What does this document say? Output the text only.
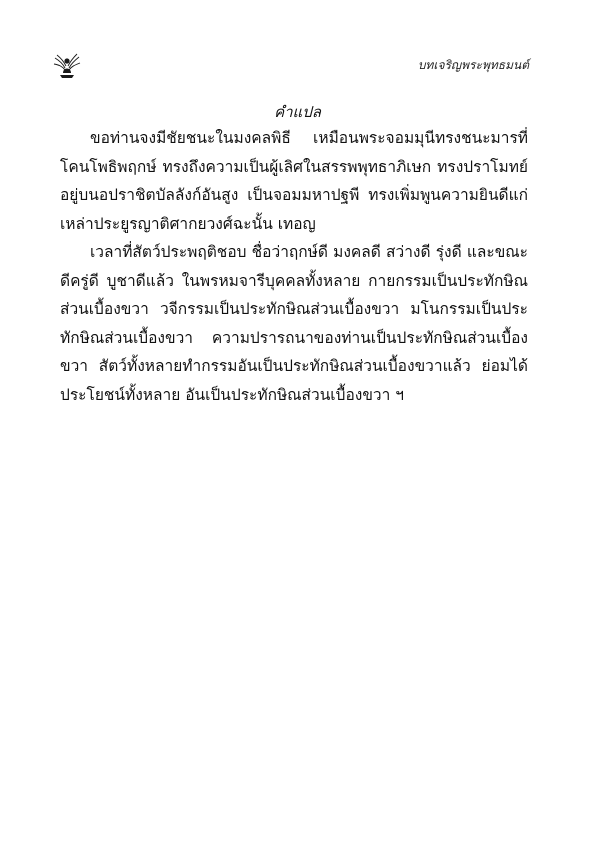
บทเจริญพระพุทธมนต์
คำแปล

ขอท่านจงมีชัยชนะในมงคลพิธี เหมือนพระจอมมุนีทรงชนะมารที่โคนโพธิพฤกษ์ ทรงถึงความเป็นผู้เลิศในสรรพพุทธาภิเษก ทรงปราโมทย์อยู่บนอปราชิตบัลลังก์อันสูง เป็นจอมมหาปฐพี ทรงเพิ่มพูนความยินดีแก่เหล่าประยูรญาติศากยวงศ์ฉะนั้น เทอญ

เวลาที่สัตว์ประพฤติชอบ ชื่อว่าฤกษ์ดี มงคลดี สว่างดี รุ่งดี และขณะดีครู่ดี บูชาดีแล้ว ในพรหมจารีบุคคลทั้งหลาย กายกรรมเป็นประทักษิณส่วนเบื้องขวา วจีกรรมเป็นประทักษิณส่วนเบื้องขวา มโนกรรมเป็นประทักษิณส่วนเบื้องขวา ความปรารถนาของท่านเป็นประทักษิณส่วนเบื้องขวา สัตว์ทั้งหลายทำกรรมอันเป็นประทักษิณส่วนเบื้องขวาแล้ว ย่อมได้ประโยชน์ทั้งหลาย อันเป็นประทักษิณส่วนเบื้องขวา ฯ
